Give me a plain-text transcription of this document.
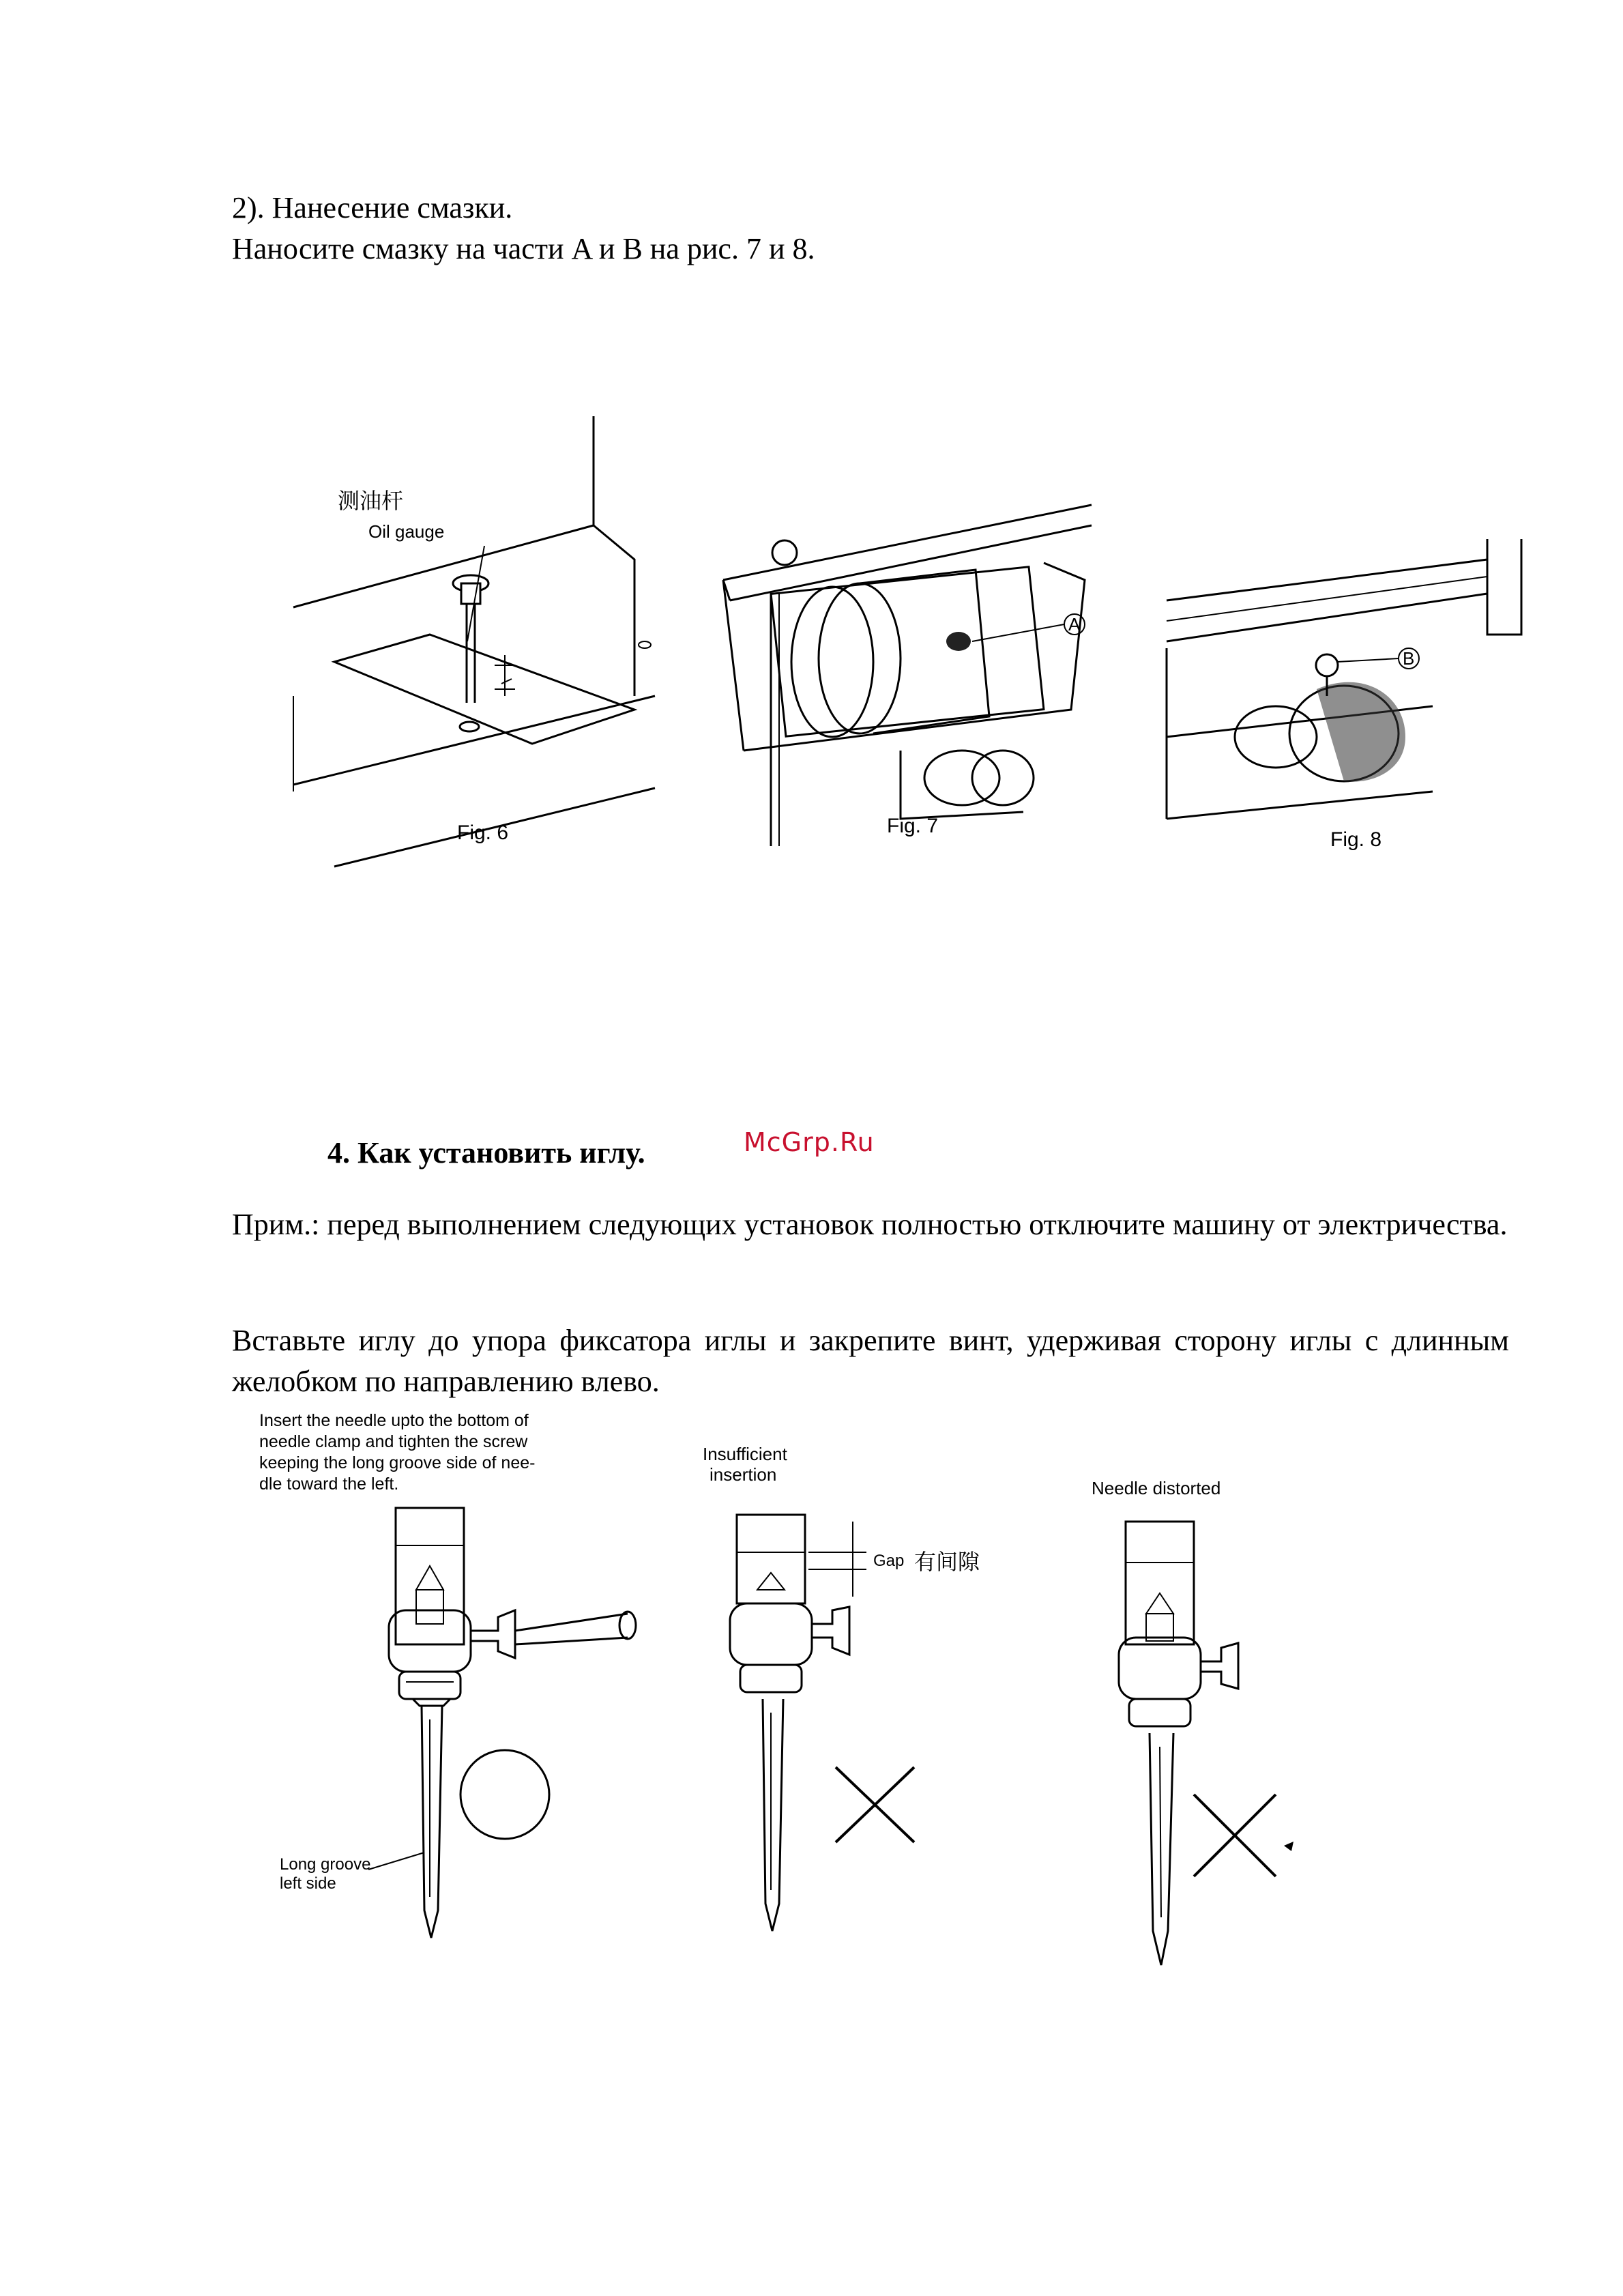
2). Нанесение смазки.
Наносите смазку на части A и B на рис. 7 и 8.
测油杆
Oil gauge
Fig. 6
A
Fig. 7
B
Fig. 8
4. Как установить иглу.	McGrp.Ru
Прим.: перед выполнением следующих установок полностью отключите машину от электричества.
Вставьте иглу до упора фиксатора иглы и закрепите винт, удерживая сторону иглы с длинным желобком по направлению влево.
Insert the needle upto the bottom of needle clamp and tighten the screw keeping the long groove side of nee-dle toward the left.
Long groove left side
Insufficient insertion
Gap 有间隙
Needle distorted
